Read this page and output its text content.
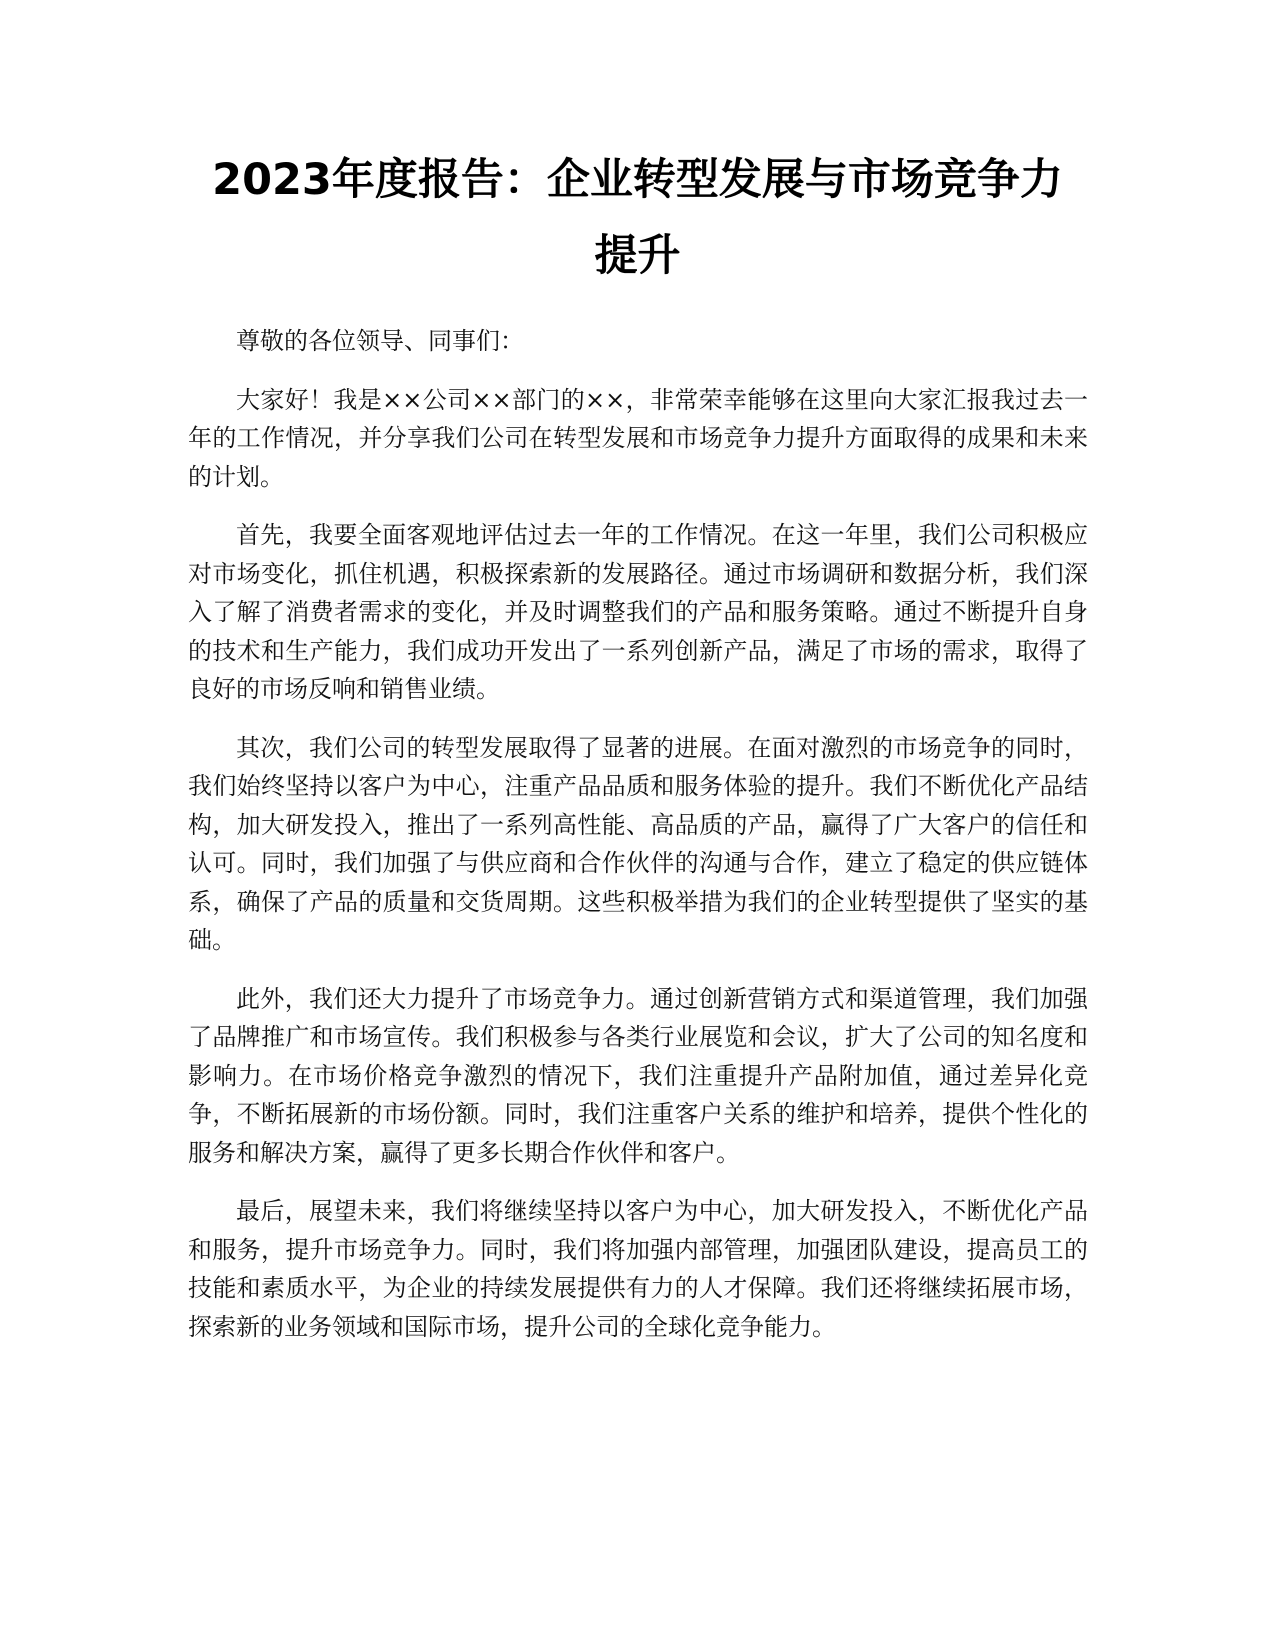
2023年度报告：企业转型发展与市场竞争力
提升

尊敬的各位领导、同事们：

大家好！我是××公司××部门的××，非常荣幸能够在这里向大家汇报我过去一年的工作情况，并分享我们公司在转型发展和市场竞争力提升方面取得的成果和未来的计划。

首先，我要全面客观地评估过去一年的工作情况。在这一年里，我们公司积极应对市场变化，抓住机遇，积极探索新的发展路径。通过市场调研和数据分析，我们深入了解了消费者需求的变化，并及时调整我们的产品和服务策略。通过不断提升自身的技术和生产能力，我们成功开发出了一系列创新产品，满足了市场的需求，取得了良好的市场反响和销售业绩。

其次，我们公司的转型发展取得了显著的进展。在面对激烈的市场竞争的同时，我们始终坚持以客户为中心，注重产品品质和服务体验的提升。我们不断优化产品结构，加大研发投入，推出了一系列高性能、高品质的产品，赢得了广大客户的信任和认可。同时，我们加强了与供应商和合作伙伴的沟通与合作，建立了稳定的供应链体系，确保了产品的质量和交货周期。这些积极举措为我们的企业转型提供了坚实的基础。

此外，我们还大力提升了市场竞争力。通过创新营销方式和渠道管理，我们加强了品牌推广和市场宣传。我们积极参与各类行业展览和会议，扩大了公司的知名度和影响力。在市场价格竞争激烈的情况下，我们注重提升产品附加值，通过差异化竞争，不断拓展新的市场份额。同时，我们注重客户关系的维护和培养，提供个性化的服务和解决方案，赢得了更多长期合作伙伴和客户。

最后，展望未来，我们将继续坚持以客户为中心，加大研发投入，不断优化产品和服务，提升市场竞争力。同时，我们将加强内部管理，加强团队建设，提高员工的技能和素质水平，为企业的持续发展提供有力的人才保障。我们还将继续拓展市场，探索新的业务领域和国际市场，提升公司的全球化竞争能力。
